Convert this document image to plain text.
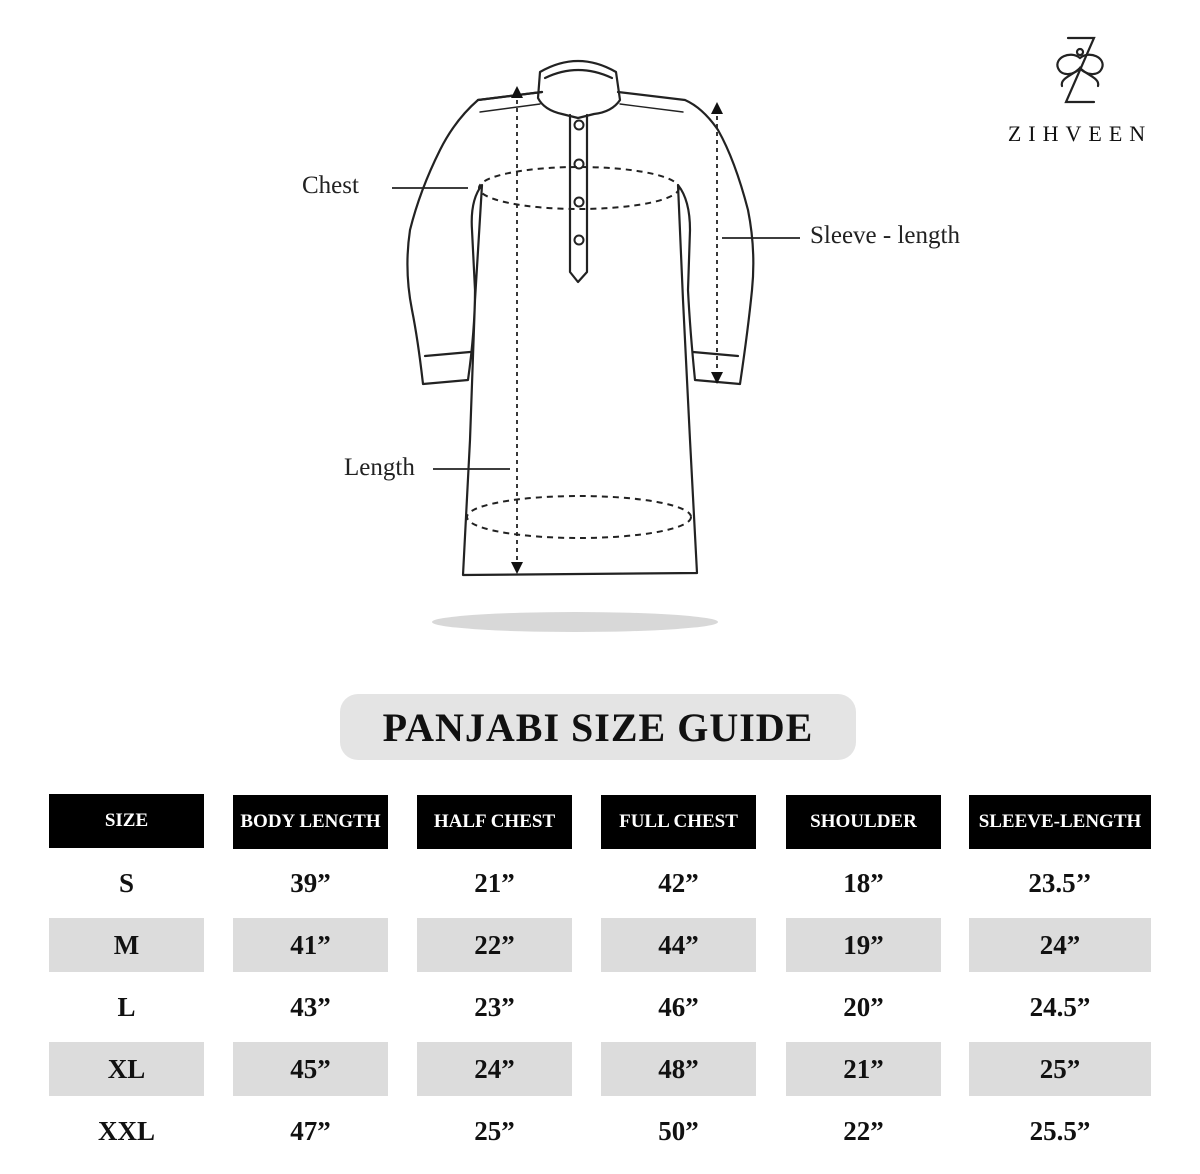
Chest
Sleeve - length
Length
ZIHVEEN
PANJABI SIZE GUIDE
SIZE	BODY LENGTH	HALF CHEST	FULL CHEST	SHOULDER	SLEEVE-LENGTH
S	39”	21”	42”	18”	23.5’’
M	41”	22”	44”	19”	24”
L	43”	23”	46”	20”	24.5”
XL	45”	24”	48”	21”	25”
XXL	47”	25”	50”	22”	25.5”
